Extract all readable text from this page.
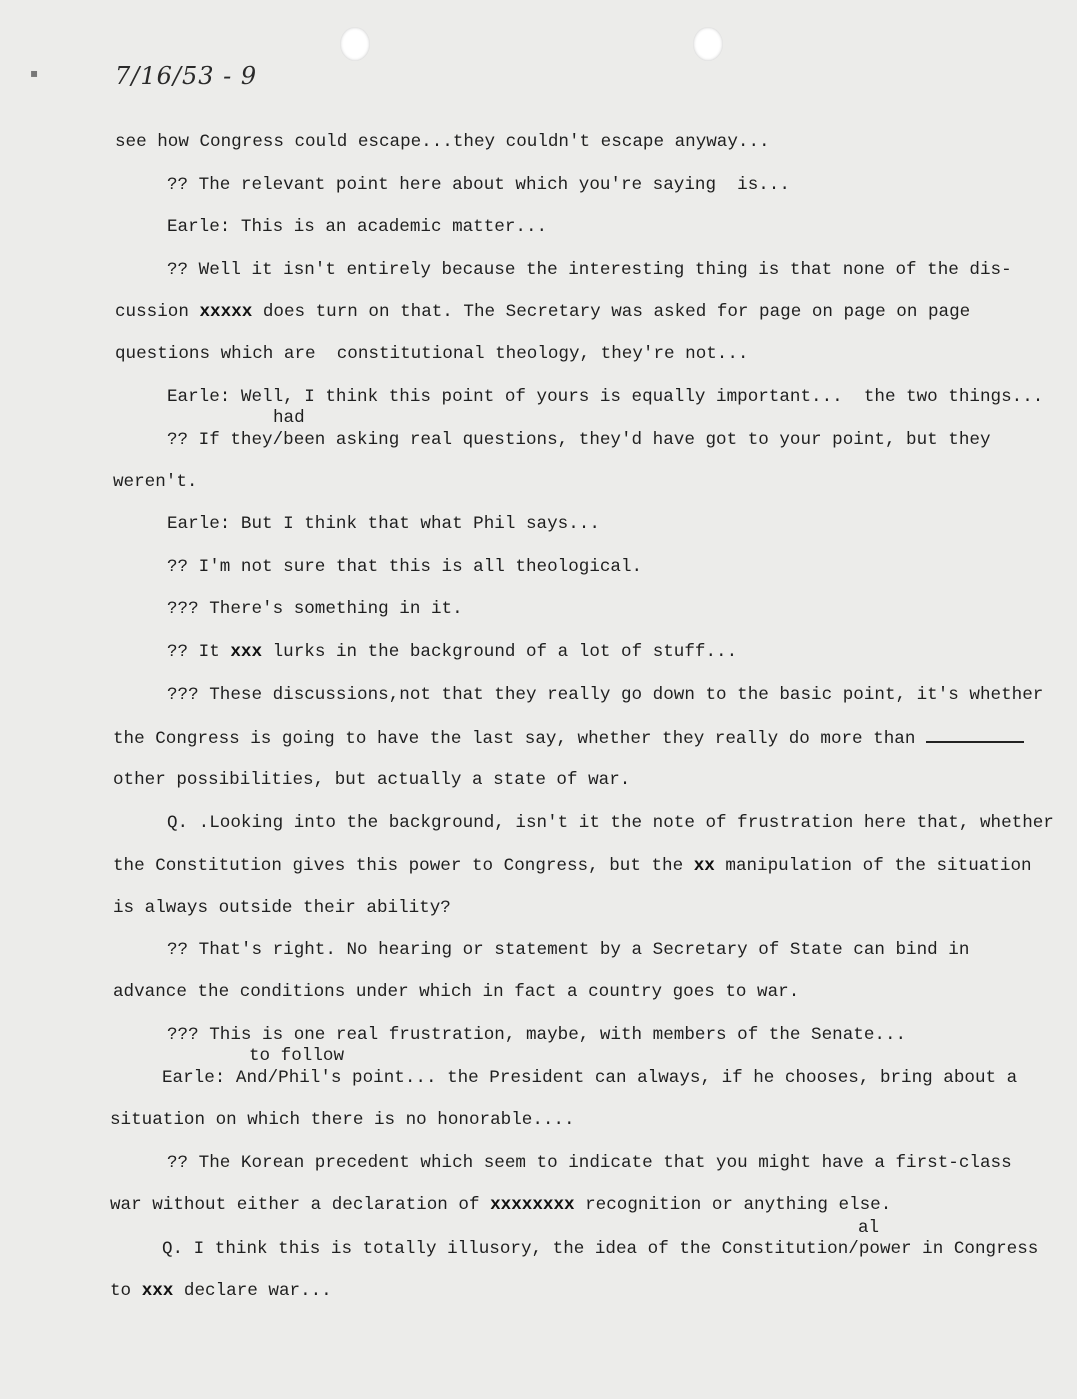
▪	7/16/53 - 9
see how Congress could escape...they couldn't escape anyway...
?? The relevant point here about which you're saying  is...
Earle: This is an academic matter...
?? Well it isn't entirely because the interesting thing is that none of the dis-
cussion xxxxx does turn on that. The Secretary was asked for page on page on page
questions which are  constitutional theology, they're not...
Earle: Well, I think this point of yours is equally important...  the two things...
had
?? If they/been asking real questions, they'd have got to your point, but they
weren't.
Earle: But I think that what Phil says...
?? I'm not sure that this is all theological.
??? There's something in it.
?? It xxx lurks in the background of a lot of stuff...
??? These discussions,not that they really go down to the basic point, it's whether
the Congress is going to have the last say, whether they really do more than
other possibilities, but actually a state of war.
Q. .Looking into the background, isn't it the note of frustration here that, whether
the Constitution gives this power to Congress, but the xx manipulation of the situation
is always outside their ability?
?? That's right. No hearing or statement by a Secretary of State can bind in
advance the conditions under which in fact a country goes to war.
??? This is one real frustration, maybe, with members of the Senate...
to follow
Earle: And/Phil's point... the President can always, if he chooses, bring about a
situation on which there is no honorable....
?? The Korean precedent which seem to indicate that you might have a first-class
war without either a declaration of xxxxxxxx recognition or anything else.
al
Q. I think this is totally illusory, the idea of the Constitution/power in Congress
to xxx declare war...
